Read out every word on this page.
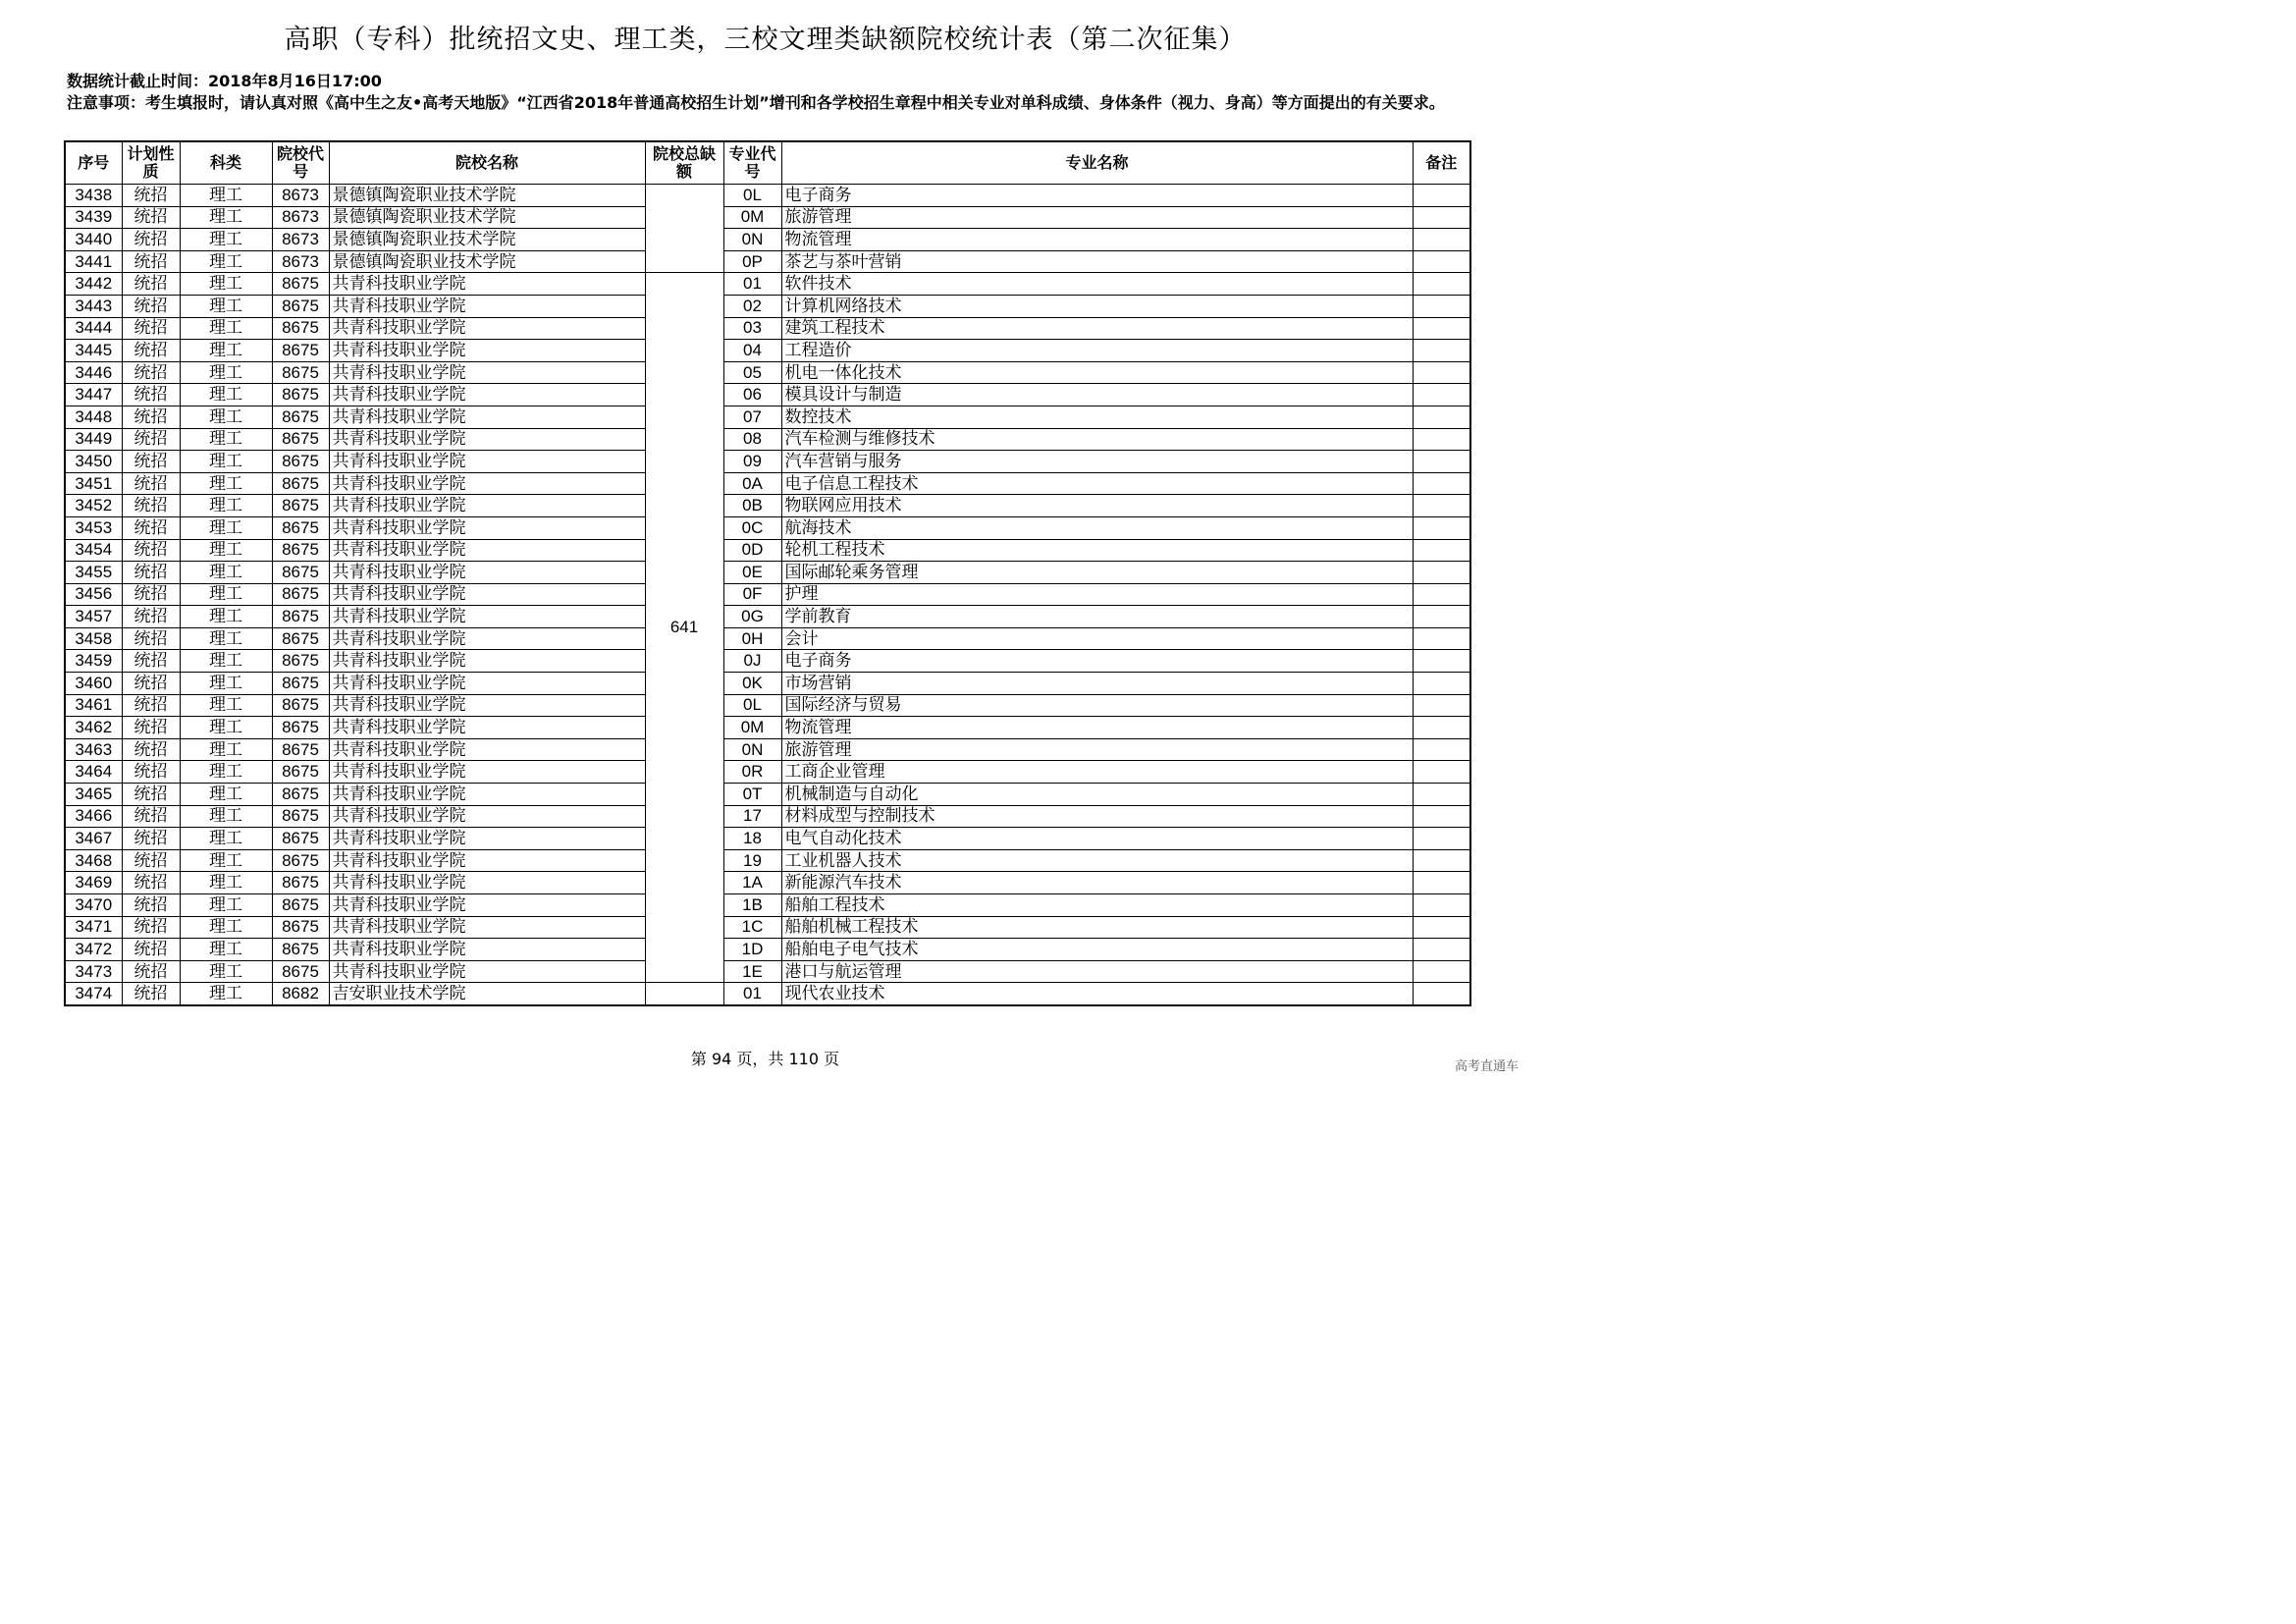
高职（专科）批统招文史、理工类，三校文理类缺额院校统计表（第二次征集）
数据统计截止时间：2018年8月16日17:00
注意事项：考生填报时，请认真对照《高中生之友•高考天地版》“江西省2018年普通高校招生计划”增刊和各学校招生章程中相关专业对单科成绩、身体条件（视力、身高）等方面提出的有关要求。
序号	计划性质	科类	院校代号	院校名称	院校总缺额	专业代号	专业名称	备注
3438	统招	理工	8673	景德镇陶瓷职业技术学院		0L	电子商务	
3439	统招	理工	8673	景德镇陶瓷职业技术学院		0M	旅游管理	
3440	统招	理工	8673	景德镇陶瓷职业技术学院		0N	物流管理	
3441	统招	理工	8673	景德镇陶瓷职业技术学院		0P	茶艺与茶叶营销	
3442	统招	理工	8675	共青科技职业学院	641	01	软件技术	
3443	统招	理工	8675	共青科技职业学院		02	计算机网络技术	
3444	统招	理工	8675	共青科技职业学院		03	建筑工程技术	
3445	统招	理工	8675	共青科技职业学院		04	工程造价	
3446	统招	理工	8675	共青科技职业学院		05	机电一体化技术	
3447	统招	理工	8675	共青科技职业学院		06	模具设计与制造	
3448	统招	理工	8675	共青科技职业学院		07	数控技术	
3449	统招	理工	8675	共青科技职业学院		08	汽车检测与维修技术	
3450	统招	理工	8675	共青科技职业学院		09	汽车营销与服务	
3451	统招	理工	8675	共青科技职业学院		0A	电子信息工程技术	
3452	统招	理工	8675	共青科技职业学院		0B	物联网应用技术	
3453	统招	理工	8675	共青科技职业学院		0C	航海技术	
3454	统招	理工	8675	共青科技职业学院		0D	轮机工程技术	
3455	统招	理工	8675	共青科技职业学院		0E	国际邮轮乘务管理	
3456	统招	理工	8675	共青科技职业学院		0F	护理	
3457	统招	理工	8675	共青科技职业学院		0G	学前教育	
3458	统招	理工	8675	共青科技职业学院		0H	会计	
3459	统招	理工	8675	共青科技职业学院		0J	电子商务	
3460	统招	理工	8675	共青科技职业学院		0K	市场营销	
3461	统招	理工	8675	共青科技职业学院		0L	国际经济与贸易	
3462	统招	理工	8675	共青科技职业学院		0M	物流管理	
3463	统招	理工	8675	共青科技职业学院		0N	旅游管理	
3464	统招	理工	8675	共青科技职业学院		0R	工商企业管理	
3465	统招	理工	8675	共青科技职业学院		0T	机械制造与自动化	
3466	统招	理工	8675	共青科技职业学院		17	材料成型与控制技术	
3467	统招	理工	8675	共青科技职业学院		18	电气自动化技术	
3468	统招	理工	8675	共青科技职业学院		19	工业机器人技术	
3469	统招	理工	8675	共青科技职业学院		1A	新能源汽车技术	
3470	统招	理工	8675	共青科技职业学院		1B	船舶工程技术	
3471	统招	理工	8675	共青科技职业学院		1C	船舶机械工程技术	
3472	统招	理工	8675	共青科技职业学院		1D	船舶电子电气技术	
3473	统招	理工	8675	共青科技职业学院		1E	港口与航运管理	
3474	统招	理工	8682	吉安职业技术学院		01	现代农业技术	
第 94 页，共 110 页	高考直通车
